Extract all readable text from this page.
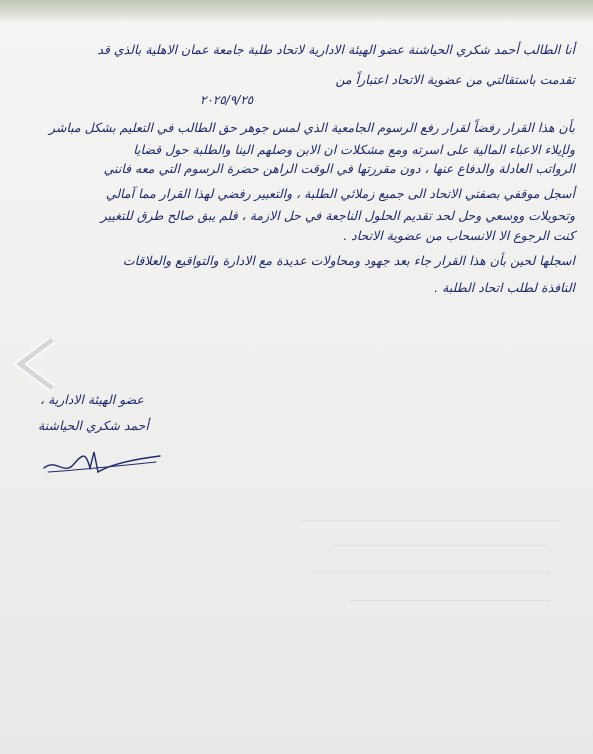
أنا الطالب أحمد شكري الحياشنة عضو الهيئة الادارية لاتحاد طلبة جامعة عمان الاهلية بالذي قد
تقدمت باستقالتي من عضوية الاتحاد اعتباراً من
٢٠٢٥/٩/٢٥
بأن هذا القرار رفضاً لقرار رفع الرسوم الجامعية الذي لمس جوهر حق الطالب في التعليم بشكل مباشر
ولإيلاء الاعباء المالية على اسرته ومع مشكلات ان الابن وصلهم الينا والطلبة حول قضايا
الرواتب العادلة والدفاع عنها ، دون مقررتها في الوقت الراهن حضرة الرسوم التي معه فانني
أسجل موقفي بصفتي الاتحاد الى جميع زملائي الطلبة ، والتعبير رفضي لهذا القرار مما آمالي
وتحويلات ووسعي وحل لحد تقديم الحلول الناجعة في حل الازمة ، فلم يبق صالح طرق للتغيير
كنت الرجوع الا الانسحاب من عضوية الاتحاد .
اسجلها لحين بأن هذا القرار جاء بعد جهود ومحاولات عديدة مع الادارة والتواقيع والعلاقات
النافذة لطلب اتحاد الطلبة .
عضو الهيئة الادارية ،
أحمد شكري الحياشنة
